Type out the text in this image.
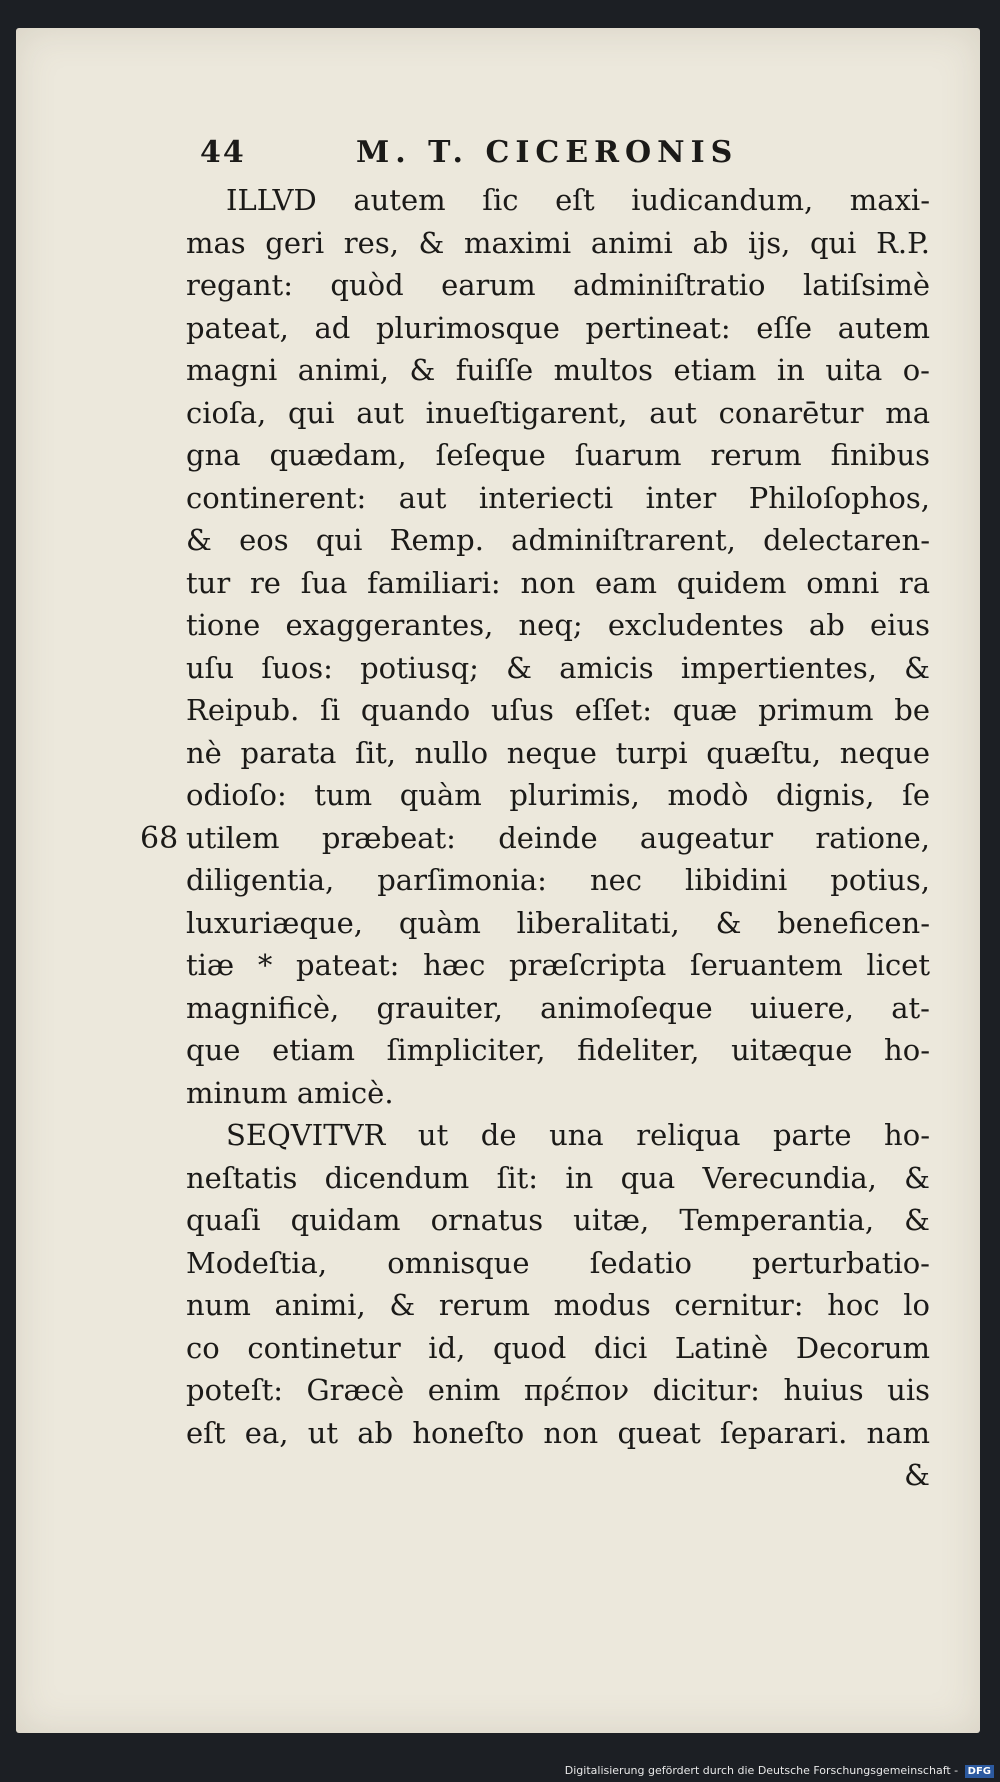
44	M. T. CICERONIS
ILLVD autem ſic eſt iudicandum, maxi-
mas geri res, & maximi animi ab ijs, qui R.P.
regant: quòd earum adminiſtratio latiſsimè
pateat, ad plurimosque pertineat: eſſe autem
magni animi, & fuiſſe multos etiam in uita o-
cioſa, qui aut inueſtigarent, aut conarētur ma
gna quædam, ſeſeque ſuarum rerum finibus
continerent: aut interiecti inter Philoſophos,
& eos qui Remp. adminiſtrarent, delectaren-
tur re ſua familiari: non eam quidem omni ra
tione exaggerantes, neq; excludentes ab eius
uſu ſuos: potiusq; & amicis impertientes, &
Reipub. ſi quando uſus eſſet: quæ primum be
nè parata ſit, nullo neque turpi quæſtu, neque
odioſo: tum quàm plurimis, modò dignis, ſe
utilem præbeat: deinde augeatur ratione,
diligentia, parſimonia: nec libidini potius,
luxuriæque, quàm liberalitati, & beneficen-
tiæ * pateat: hæc præſcripta ſeruantem licet
magnificè, grauiter, animoſeque uiuere, at-
que etiam ſimpliciter, fideliter, uitæque ho-
minum amicè.
SEQVITVR ut de una reliqua parte ho-
neſtatis dicendum ſit: in qua Verecundia, &
quaſi quidam ornatus uitæ, Temperantia, &
Modeſtia, omnisque ſedatio perturbatio-
num animi, & rerum modus cernitur: hoc lo
co continetur id, quod dici Latinè Decorum
poteſt: Græcè enim πρέπον dicitur: huius uis
eſt ea, ut ab honeſto non queat ſeparari. nam
&
68
Digitalisierung gefördert durch die Deutsche Forschungsgemeinschaft - DFG
